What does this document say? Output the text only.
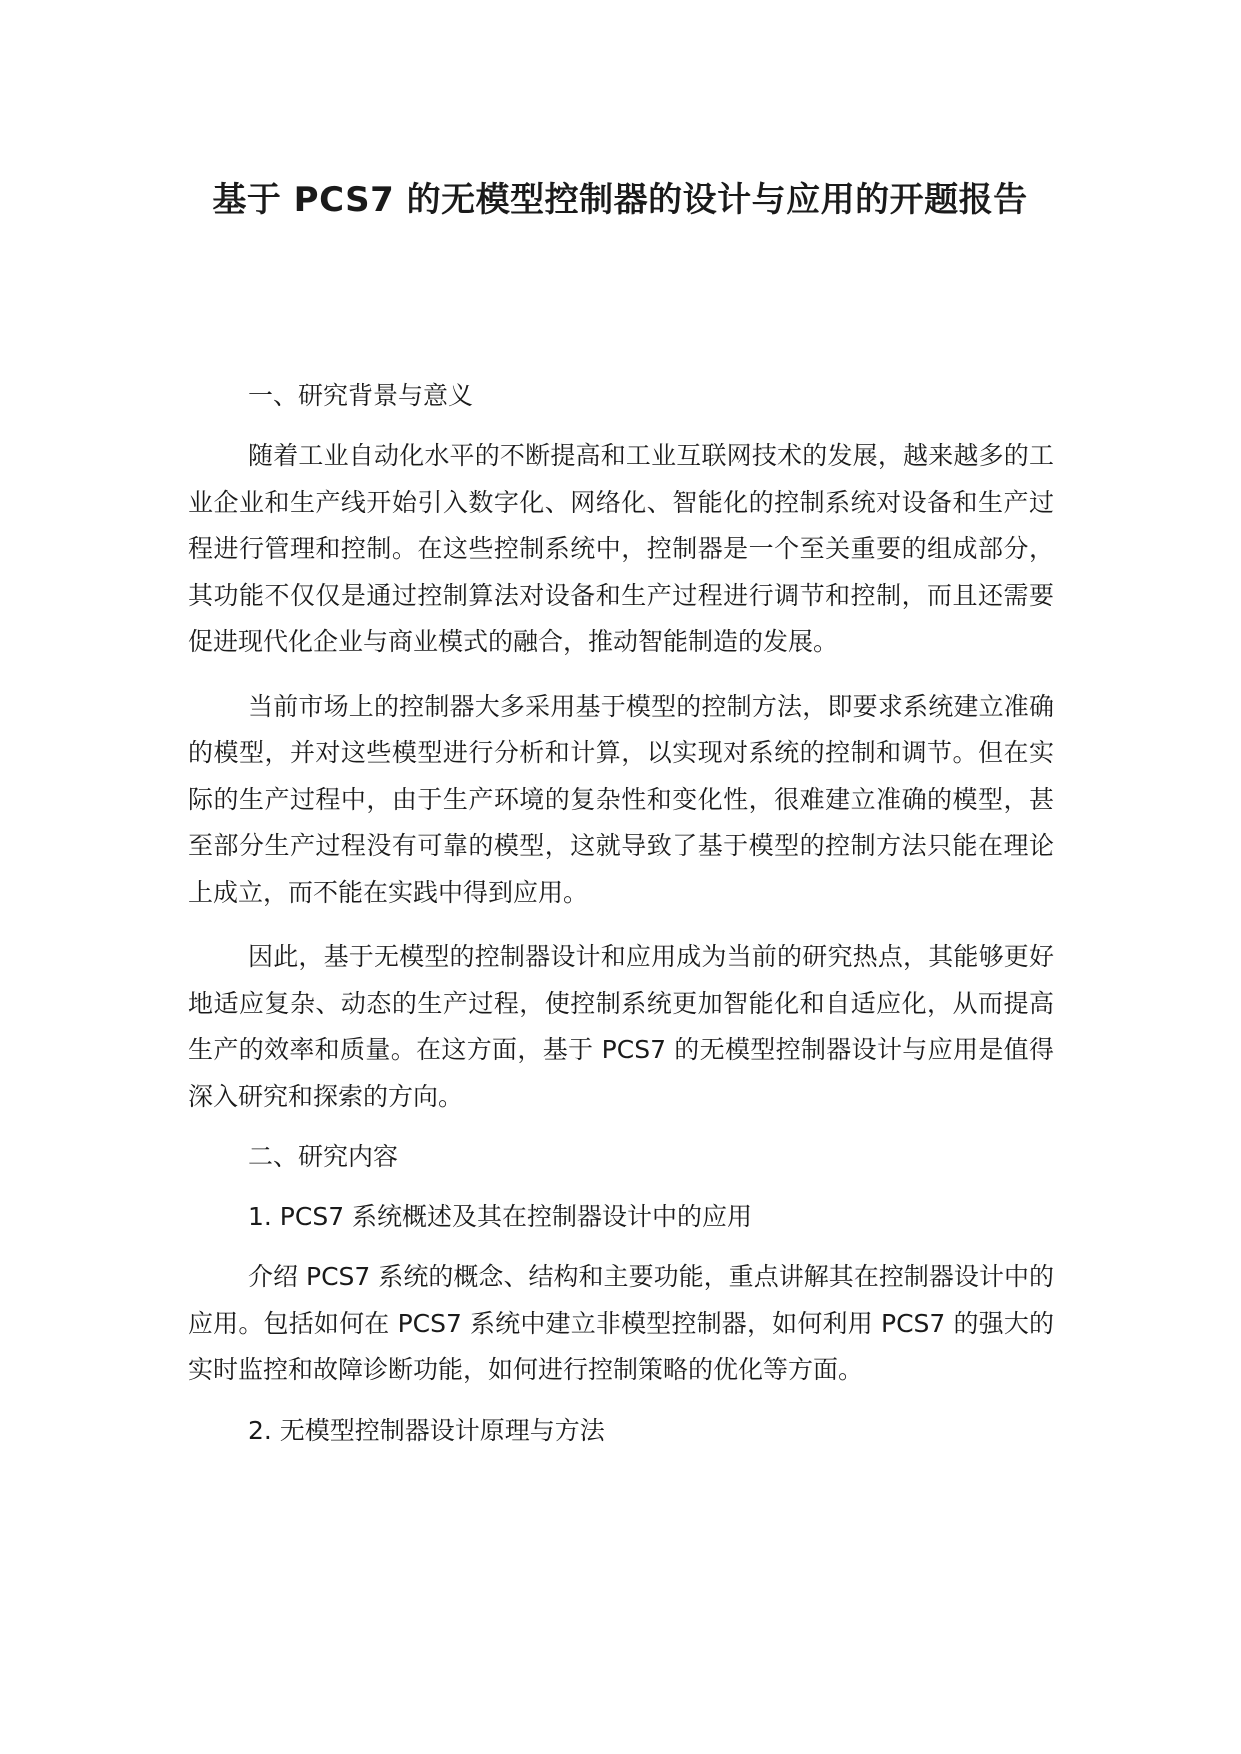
基于 PCS7 的无模型控制器的设计与应用的开题报告

一、研究背景与意义

随着工业自动化水平的不断提高和工业互联网技术的发展，越来越多的工业企业和生产线开始引入数字化、网络化、智能化的控制系统对设备和生产过程进行管理和控制。在这些控制系统中，控制器是一个至关重要的组成部分，其功能不仅仅是通过控制算法对设备和生产过程进行调节和控制，而且还需要促进现代化企业与商业模式的融合，推动智能制造的发展。

当前市场上的控制器大多采用基于模型的控制方法，即要求系统建立准确的模型，并对这些模型进行分析和计算，以实现对系统的控制和调节。但在实际的生产过程中，由于生产环境的复杂性和变化性，很难建立准确的模型，甚至部分生产过程没有可靠的模型，这就导致了基于模型的控制方法只能在理论上成立，而不能在实践中得到应用。

因此，基于无模型的控制器设计和应用成为当前的研究热点，其能够更好地适应复杂、动态的生产过程，使控制系统更加智能化和自适应化，从而提高生产的效率和质量。在这方面，基于 PCS7 的无模型控制器设计与应用是值得深入研究和探索的方向。

二、研究内容

1. PCS7 系统概述及其在控制器设计中的应用

介绍 PCS7 系统的概念、结构和主要功能，重点讲解其在控制器设计中的应用。包括如何在 PCS7 系统中建立非模型控制器，如何利用 PCS7 的强大的实时监控和故障诊断功能，如何进行控制策略的优化等方面。

2. 无模型控制器设计原理与方法
